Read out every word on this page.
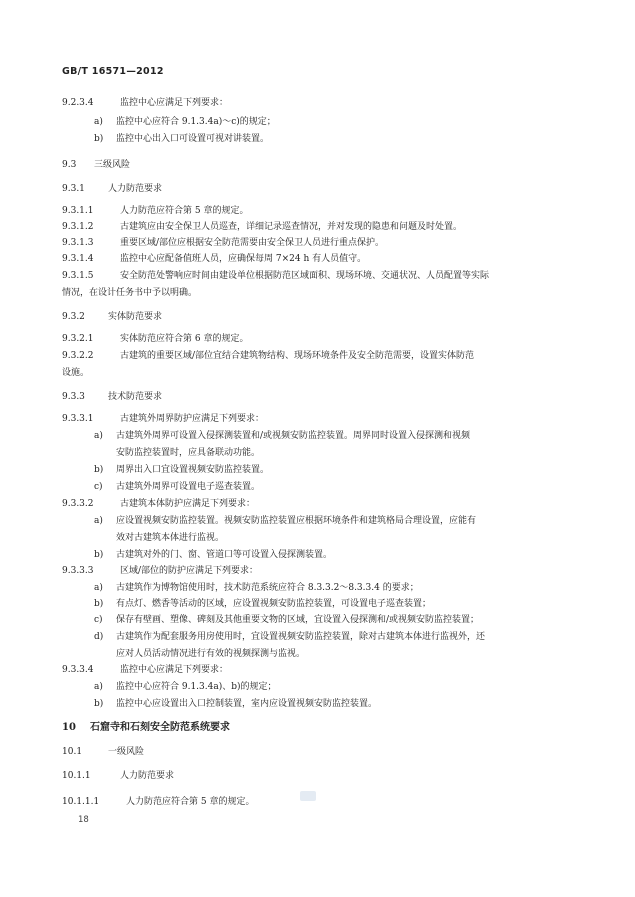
GB/T 16571—2012
9.2.3.4	监控中心应满足下列要求：
a) 监控中心应符合 9.1.3.4a)～c)的规定；
b) 监控中心出入口可设置可视对讲装置。
9.3 三级风险
9.3.1	人力防范要求
9.3.1.1	人力防范应符合第 5 章的规定。
9.3.1.2	古建筑应由安全保卫人员巡查，详细记录巡查情况，并对发现的隐患和问题及时处置。
9.3.1.3	重要区域/部位应根据安全防范需要由安全保卫人员进行重点保护。
9.3.1.4	监控中心应配备值班人员，应确保每周 7×24 h 有人员值守。
9.3.1.5	安全防范处警响应时间由建设单位根据防范区域面积、现场环境、交通状况、人员配置等实际
情况，在设计任务书中予以明确。
9.3.2	实体防范要求
9.3.2.1	实体防范应符合第 6 章的规定。
9.3.2.2	古建筑的重要区域/部位宜结合建筑物结构、现场环境条件及安全防范需要，设置实体防范
设施。
9.3.3	技术防范要求
9.3.3.1	古建筑外周界防护应满足下列要求：
a) 古建筑外周界可设置入侵探测装置和/或视频安防监控装置。周界同时设置入侵探测和视频
安防监控装置时，应具备联动功能。
b) 周界出入口宜设置视频安防监控装置。
c) 古建筑外周界可设置电子巡查装置。
9.3.3.2	古建筑本体防护应满足下列要求：
a) 应设置视频安防监控装置。视频安防监控装置应根据环境条件和建筑格局合理设置，应能有
效对古建筑本体进行监视。
b) 古建筑对外的门、窗、管道口等可设置入侵探测装置。
9.3.3.3	区域/部位的防护应满足下列要求：
a) 古建筑作为博物馆使用时，技术防范系统应符合 8.3.3.2～8.3.3.4 的要求；
b) 有点灯、燃香等活动的区域，应设置视频安防监控装置，可设置电子巡查装置；
c) 保存有壁画、塑像、碑刻及其他重要文物的区域，宜设置入侵探测和/或视频安防监控装置；
d) 古建筑作为配套服务用房使用时，宜设置视频安防监控装置，除对古建筑本体进行监视外，还
应对人员活动情况进行有效的视频探测与监视。
9.3.3.4	监控中心应满足下列要求：
a) 监控中心应符合 9.1.3.4a)、b)的规定；
b) 监控中心应设置出入口控制装置，室内应设置视频安防监控装置。
10 石窟寺和石刻安全防范系统要求
10.1	一级风险
10.1.1	人力防范要求
10.1.1.1	人力防范应符合第 5 章的规定。
18
